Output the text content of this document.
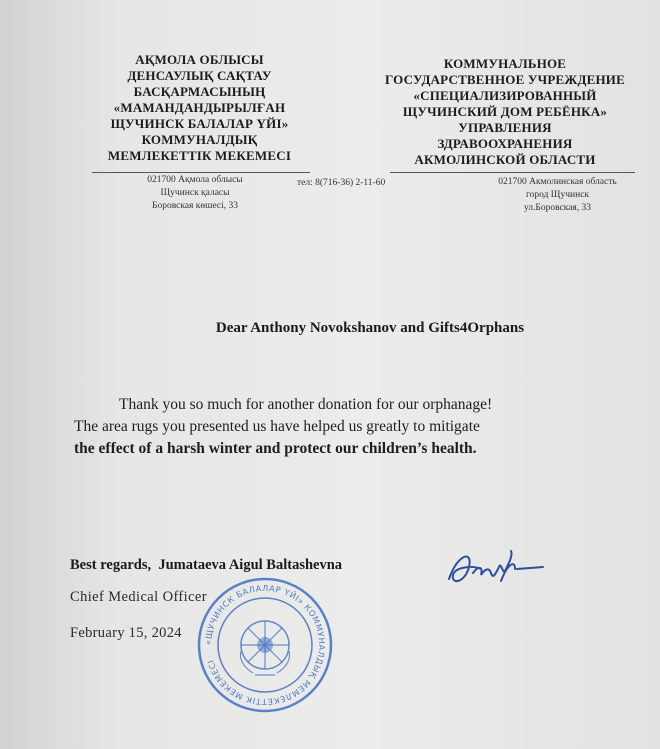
АҚМОЛА ОБЛЫСЫ
ДЕНСАУЛЫҚ САҚТАУ
БАСҚАРМАСЫНЫҢ
«МАМАНДАНДЫРЫЛҒАН
ЩУЧИНСК БАЛАЛАР ҮЙІ»
КОММУНАЛДЫҚ
МЕМЛЕКЕТТІК МЕКЕМЕСІ
КОММУНАЛЬНОЕ
ГОСУДАРСТВЕННОЕ УЧРЕЖДЕНИЕ
«СПЕЦИАЛИЗИРОВАННЫЙ
ЩУЧИНСКИЙ ДОМ РЕБЁНКА»
УПРАВЛЕНИЯ
ЗДРАВООХРАНЕНИЯ
АКМОЛИНСКОЙ ОБЛАСТИ
021700 Ақмола облысы
Щучинск қаласы
Боровская көшесі, 33
тел: 8(716-36) 2-11-60	021700 Акмолинская область
город Щучинск
ул.Боровская, 33
Dear Anthony Novokshanov and Gifts4Orphans
Thank you so much for another donation for our orphanage!
The area rugs you presented us have helped us greatly to mitigate
the effect of a harsh winter and protect our children’s health.
Best regards, Jumataeva Aigul Baltashevna
Chief Medical Officer
February 15, 2024
«ЩУЧИНСК БАЛАЛАР ҮЙІ» КОММУНАЛДЫҚ МЕМЛЕКЕТТІК МЕКЕМЕСІ
